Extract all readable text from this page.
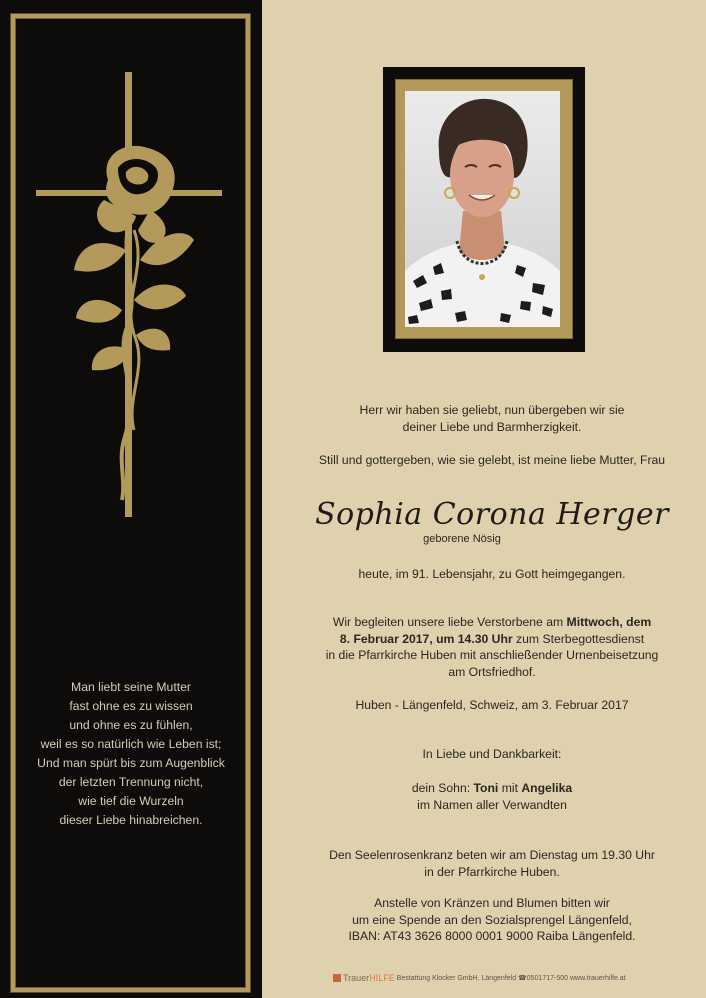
Man liebt seine Mutter
fast ohne es zu wissen
und ohne es zu fühlen,
weil es so natürlich wie Leben ist;
Und man spürt bis zum Augenblick
der letzten Trennung nicht,
wie tief die Wurzeln
dieser Liebe hinabreichen.
Herr wir haben sie geliebt, nun übergeben wir sie
deiner Liebe und Barmherzigkeit.
Still und gottergeben, wie sie gelebt, ist meine liebe Mutter, Frau
Sophia Corona Herger
geborene Nösig
heute, im 91. Lebensjahr, zu Gott heimgegangen.
Wir begleiten unsere liebe Verstorbene am Mittwoch, dem
8. Februar 2017, um 14.30 Uhr zum Sterbegottesdienst
in die Pfarrkirche Huben mit anschließender Urnenbeisetzung
am Ortsfriedhof.
Huben - Längenfeld, Schweiz, am 3. Februar 2017
In Liebe und Dankbarkeit:
dein Sohn: Toni mit Angelika
im Namen aller Verwandten
Den Seelenrosenkranz beten wir am Dienstag um 19.30 Uhr
in der Pfarrkirche Huben.
Anstelle von Kränzen und Blumen bitten wir
um eine Spende an den Sozialsprengel Längenfeld,
IBAN: AT43 3626 8000 0001 9000 Raiba Längenfeld.
TrauerHILFE Bestattung Klocker GmbH, Längenfeld ☎0501717-500 www.trauerhilfe.at
